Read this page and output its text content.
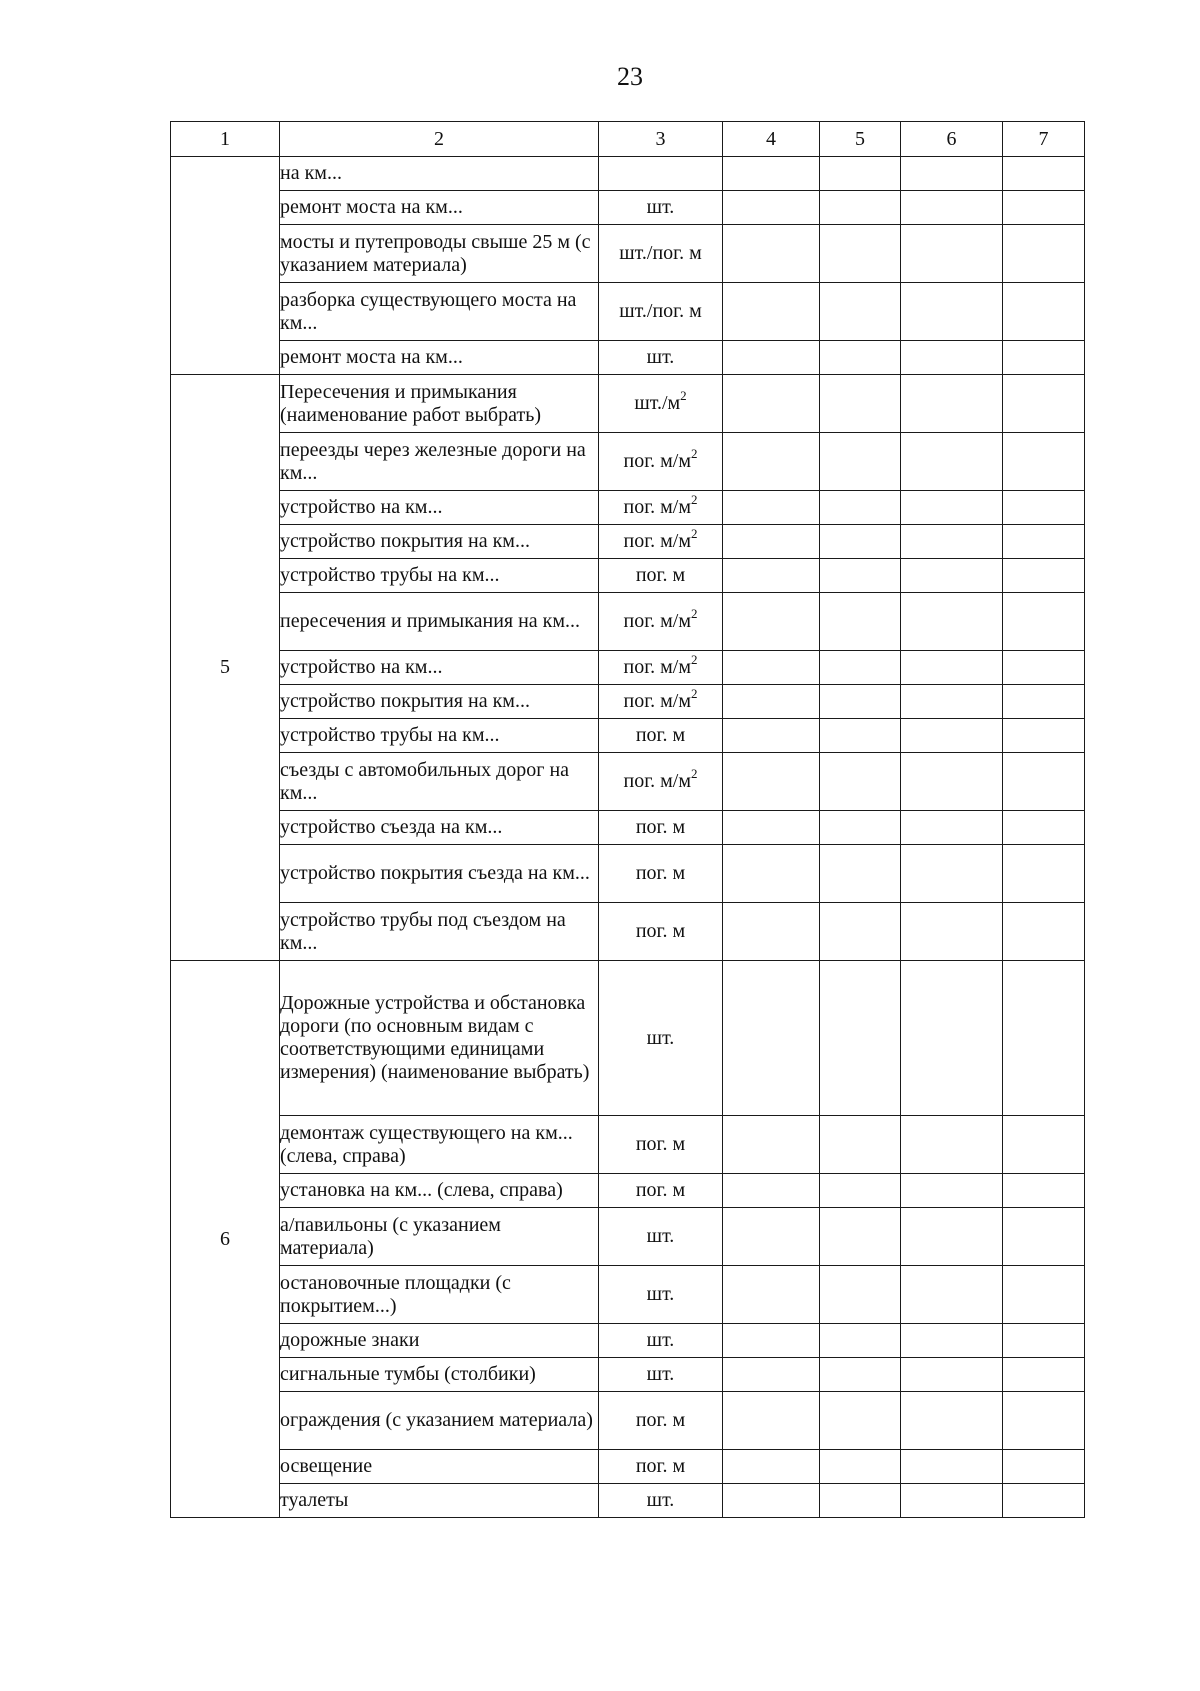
23
1	2	3	4	5	6	7
	на км...					
	ремонт моста на км...	шт.				
	мосты и путепроводы свыше 25 м (с указанием материала)	шт./пог. м				
	разборка существующего моста на км...	шт./пог. м				
	ремонт моста на км...	шт.				
5	Пересечения и примыкания (наименование работ выбрать)	$шт./м^2$				
	переезды через железные дороги на км...	пог. $м/м^2$				
	устройство на км...	пог. $м/м^2$				
	устройство покрытия на км...	пог. $м/м^2$				
	устройство трубы на км...	пог. м				
	пересечения и примыкания на км...	пог. $м/м^2$				
	устройство на км...	пог. $м/м^2$				
	устройство покрытия на км...	пог. $м/м^2$				
	устройство трубы на км...	пог. м				
	съезды с автомобильных дорог на км...	пог. $м/м^2$				
	устройство съезда на км...	пог. м				
	устройство покрытия съезда на км...	пог. м				
	устройство трубы под съездом на км...	пог. м				
6	Дорожные устройства и обстановка дороги (по основным видам с соответствующими единицами измерения) (наименование выбрать)	шт.				
	демонтаж существующего на км... (слева, справа)	пог. м				
	установка на км... (слева, справа)	пог. м				
	а/павильоны (с указанием материала)	шт.				
	остановочные площадки (с покрытием...)	шт.				
	дорожные знаки	шт.				
	сигнальные тумбы (столбики)	шт.				
	ограждения (с указанием материала)	пог. м				
	освещение	пог. м				
	туалеты	шт.				
